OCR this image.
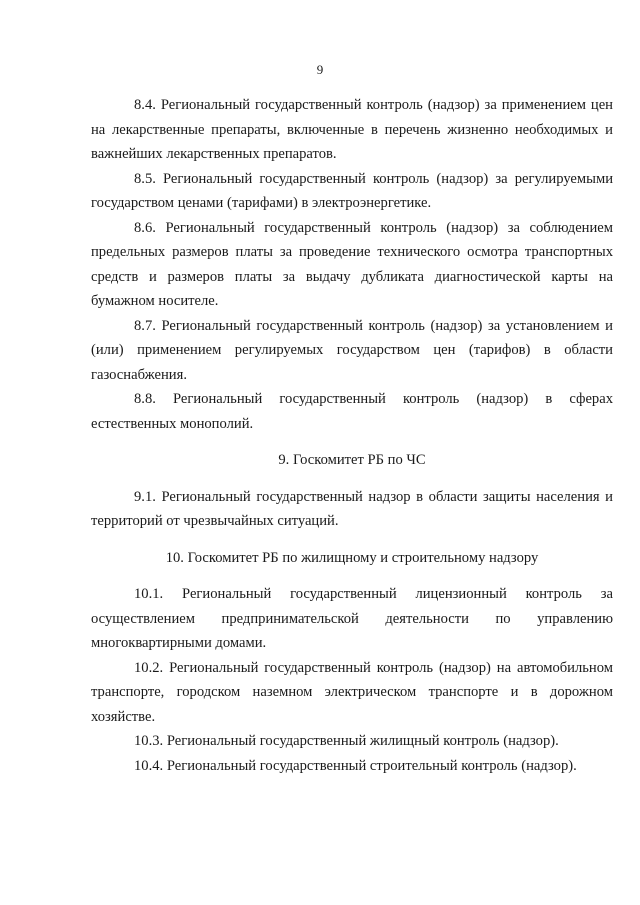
9

8.4. Региональный государственный контроль (надзор) за применением цен на лекарственные препараты, включенные в перечень жизненно необходимых и важнейших лекарственных препаратов.

8.5. Региональный государственный контроль (надзор) за регулируемыми государством ценами (тарифами) в электроэнергетике.

8.6. Региональный государственный контроль (надзор) за соблюдением предельных размеров платы за проведение технического осмотра транспортных средств и размеров платы за выдачу дубликата диагностической карты на бумажном носителе.

8.7. Региональный государственный контроль (надзор) за установлением и (или) применением регулируемых государством цен (тарифов) в области газоснабжения.

8.8. Региональный государственный контроль (надзор) в сферах естественных монополий.

9. Госкомитет РБ по ЧС

9.1. Региональный государственный надзор в области защиты населения и территорий от чрезвычайных ситуаций.

10. Госкомитет РБ по жилищному и строительному надзору

10.1. Региональный государственный лицензионный контроль за осуществлением предпринимательской деятельности по управлению многоквартирными домами.

10.2. Региональный государственный контроль (надзор) на автомобильном транспорте, городском наземном электрическом транспорте и в дорожном хозяйстве.

10.3. Региональный государственный жилищный контроль (надзор).

10.4. Региональный государственный строительный контроль (надзор).
